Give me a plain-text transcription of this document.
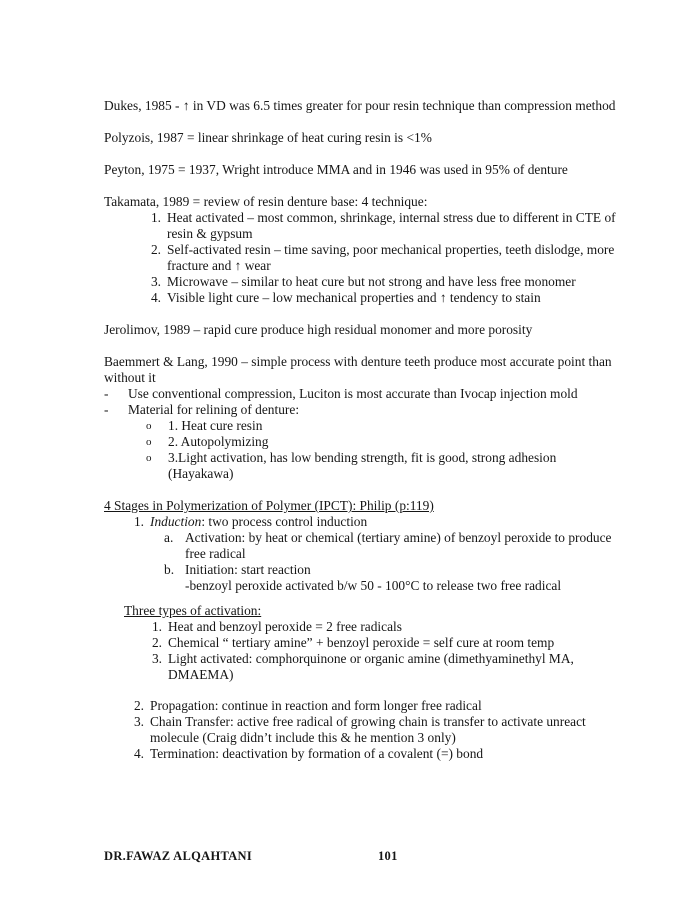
Dukes, 1985 - ↑ in VD was 6.5 times greater for pour resin technique than compression method

Polyzois, 1987 = linear shrinkage of heat curing resin is <1%

Peyton, 1975 = 1937, Wright introduce MMA and in 1946 was used in 95% of denture

Takamata, 1989 = review of resin denture base: 4 technique:

1. Heat activated – most common, shrinkage, internal stress due to different in CTE of resin & gypsum
2. Self-activated resin – time saving, poor mechanical properties, teeth dislodge, more fracture and ↑ wear
3. Microwave – similar to heat cure but not strong and have less free monomer
4. Visible light cure – low mechanical properties and ↑ tendency to stain

Jerolimov, 1989 – rapid cure produce high residual monomer and more porosity

Baemmert & Lang, 1990 – simple process with denture teeth produce most accurate point than without it

-	Use conventional compression, Luciton is most accurate than Ivocap injection mold
-	Material for relining of denture:
o	1. Heat cure resin
o	2. Autopolymizing
o	3.Light activation, has low bending strength, fit is good, strong adhesion (Hayakawa)

4 Stages in Polymerization of Polymer (IPCT): Philip (p:119)

1. Induction: two process control induction
a. Activation: by heat or chemical (tertiary amine) of benzoyl peroxide to produce free radical
b. Initiation: start reaction
-benzoyl peroxide activated b/w 50 - 100°C to release two free radical

Three types of activation:

1. Heat and benzoyl peroxide = 2 free radicals
2. Chemical “ tertiary amine” + benzoyl peroxide = self cure at room temp
3. Light activated: comphorquinone or organic amine (dimethyaminethyl MA, DMAEMA)
2. Propagation: continue in reaction and form longer free radical
3. Chain Transfer: active free radical of growing chain is transfer to activate unreact molecule (Craig didn’t include this & he mention 3 only)
4. Termination: deactivation by formation of a covalent (=) bond
DR.FAWAZ ALQAHTANI	101
